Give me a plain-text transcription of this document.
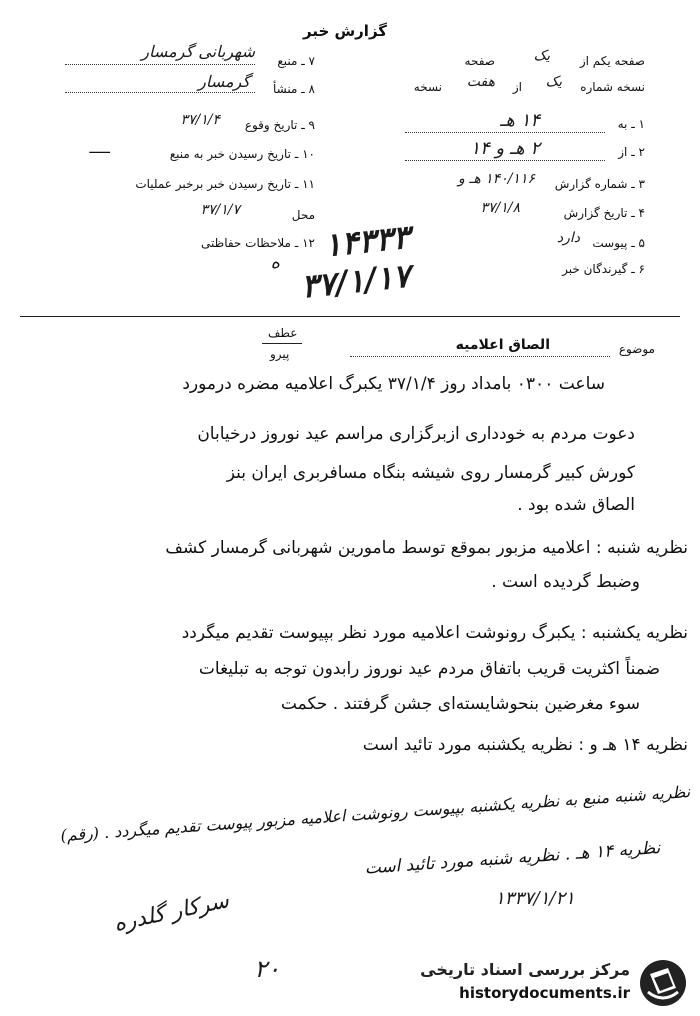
گزارش خبر
صفحه یکم از
یک
صفحه
نسخه شماره
یک
از
هفت
نسخه
۱ ـ به
۱۴ هـ
۲ ـ از
۲ هـ و ۱۴
۳ ـ شماره گزارش
۱۴۰/۱۱۶ هـ و
۴ ـ تاریخ گزارش
۳۷/۱/۸
۵ ـ پیوست
دارد
۶ ـ گیرندگان خبر
۷ ـ منبع
شهربانی گرمسار
۸ ـ منشأ
گرمسار
۹ ـ تاریخ وقوع
۳۷/۱/۴
۱۰ ـ تاریخ رسیدن خبر به منبع
ـــــ
۱۱ ـ تاریخ رسیدن خبر برخبر عملیات
محل
۳۷/۱/۷
۱۲ ـ ملاحظات حفاظتی ۱۴۳۳۳
ه ۳۷/۱/۱۷
عطف
پیرو	موضوع
الصاق اعلامیه
ساعت ۰۳۰۰ بامداد روز ۳۷/۱/۴ یکبرگ اعلامیه مضره درمورد
دعوت مردم به خودداری ازبرگزاری مراسم عید نوروز درخیابان
کورش کبیر گرمسار روی شیشه بنگاه مسافربری ایران بنز
الصاق شده بود .
نظریه شنبه : اعلامیه مزبور بموقع توسط مامورین شهربانی گرمسار کشف
وضبط گردیده است .
نظریه یکشنبه : یکبرگ رونوشت اعلامیه مورد نظر بپیوست تقدیم میگردد
ضمناً اکثریت قریب باتفاق مردم عید نوروز رابدون توجه به تبلیغات
سوء مغرضین بنحوشایسته‌ای جشن گرفتند . حکمت
نظریه ۱۴ هـ و : نظریه یکشنبه مورد تائید است
نظریه شنبه منبع به نظریه یکشنبه بپیوست رونوشت اعلامیه مزبور پیوست تقدیم میگردد . (رقم)
نظریه ۱۴ هـ . نظریه شنبه مورد تائید است
۱۳۳۷/۱/۲۱
سرکار گلدره
۲۰	مرکز بررسی اسناد تاریخی
historydocuments.ir
